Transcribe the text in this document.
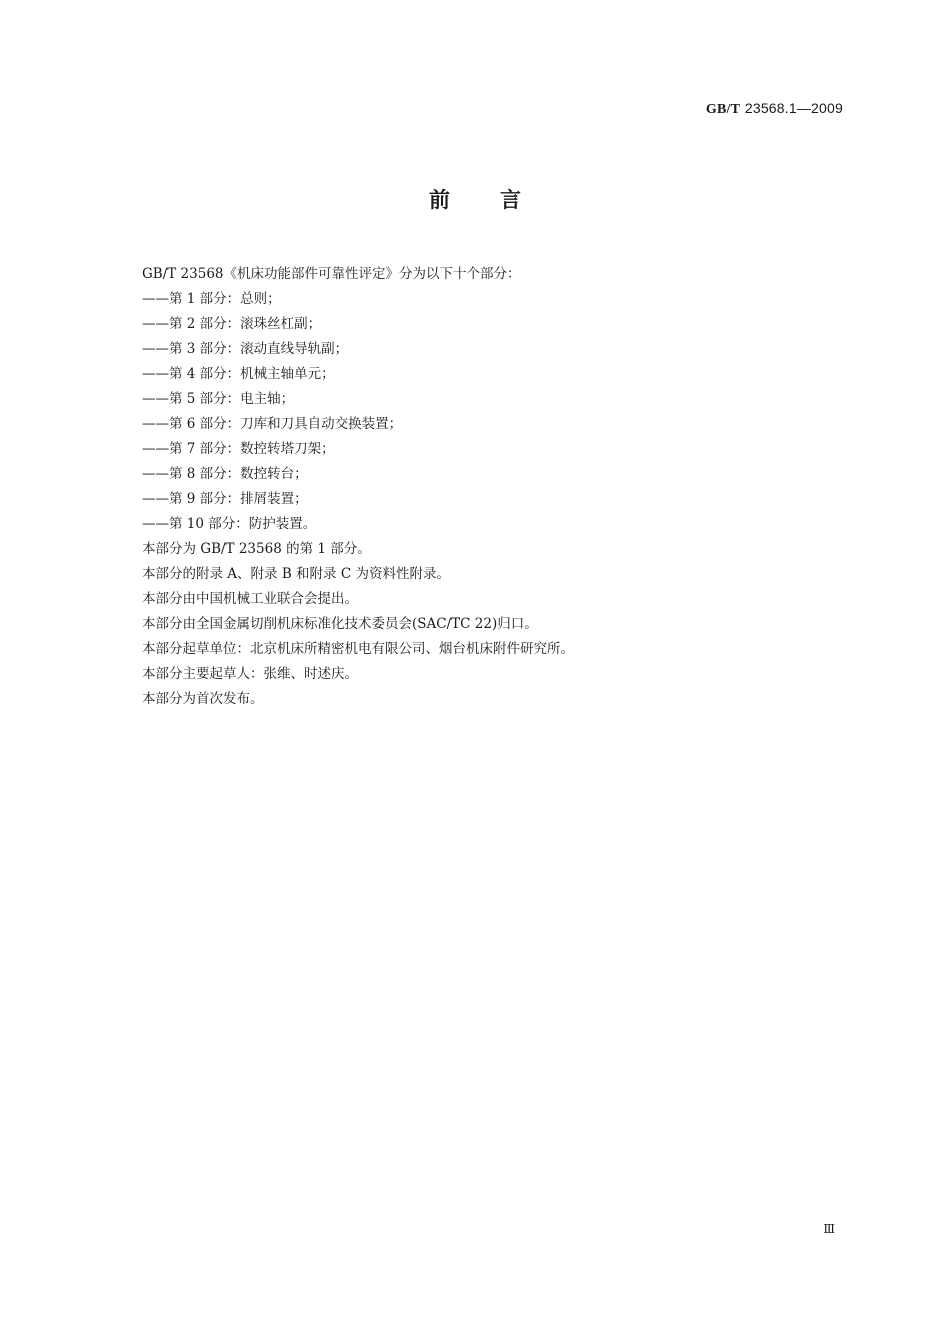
GB/T 23568.1—2009
前言
GB/T 23568《机床功能部件可靠性评定》分为以下十个部分：
——第 1 部分：总则；
——第 2 部分：滚珠丝杠副；
——第 3 部分：滚动直线导轨副；
——第 4 部分：机械主轴单元；
——第 5 部分：电主轴；
——第 6 部分：刀库和刀具自动交换装置；
——第 7 部分：数控转塔刀架；
——第 8 部分：数控转台；
——第 9 部分：排屑装置；
——第 10 部分：防护装置。
本部分为 GB/T 23568 的第 1 部分。
本部分的附录 A、附录 B 和附录 C 为资料性附录。
本部分由中国机械工业联合会提出。
本部分由全国金属切削机床标准化技术委员会(SAC/TC 22)归口。
本部分起草单位：北京机床所精密机电有限公司、烟台机床附件研究所。
本部分主要起草人：张维、时述庆。
本部分为首次发布。
Ⅲ
